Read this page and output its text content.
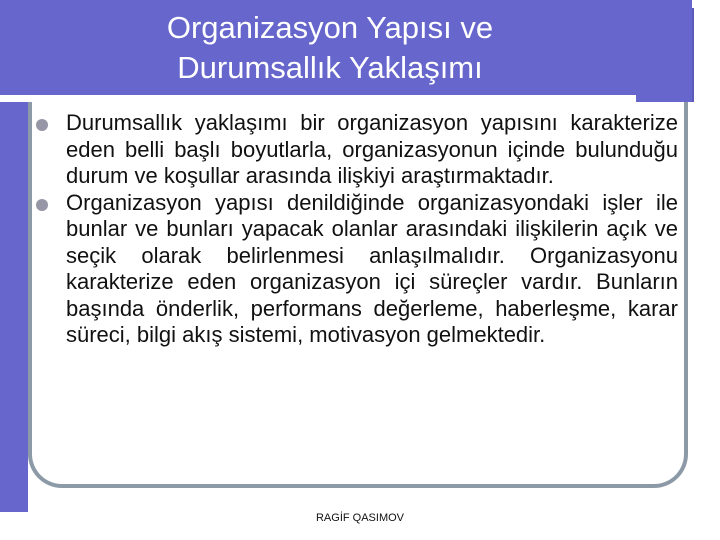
Organizasyon Yapısı ve
Durumsallık Yaklaşımı
Durumsallık yaklaşımı bir organizasyon yapısını karakterize eden belli başlı boyutlarla, organizasyonun içinde bulunduğu durum ve koşullar arasında ilişkiyi araştırmaktadır.
Organizasyon yapısı denildiğinde organizasyondaki işler ile bunlar ve bunları yapacak olanlar arasındaki ilişkilerin açık ve seçik olarak belirlenmesi anlaşılmalıdır. Organizasyonu karakterize eden organizasyon içi süreçler vardır. Bunların başında önderlik, performans değerleme, haberleşme, karar süreci, bilgi akış sistemi, motivasyon gelmektedir.
RAGİF QASIMOV
